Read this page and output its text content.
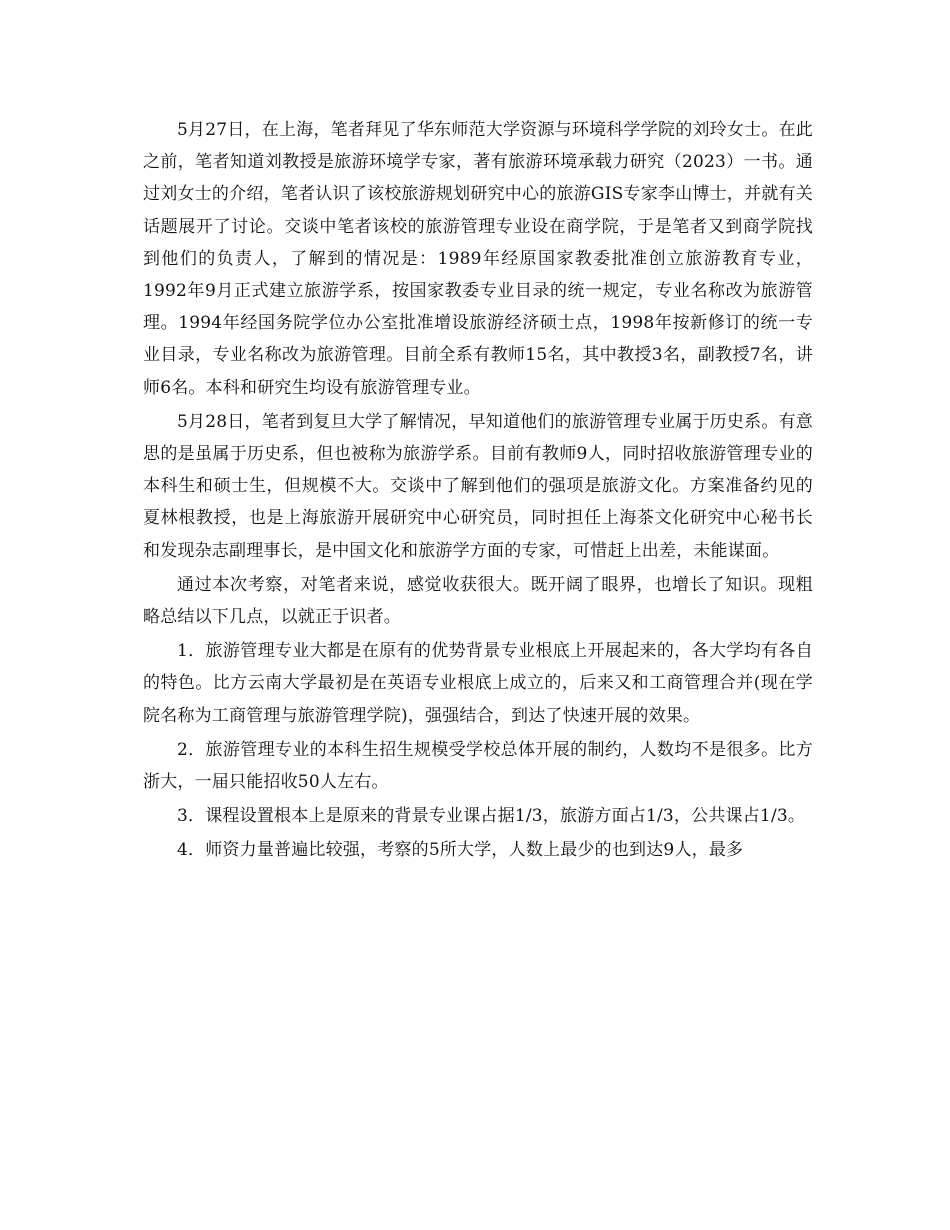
5月27日，在上海，笔者拜见了华东师范大学资源与环境科学学院的刘玲女士。在此之前，笔者知道刘教授是旅游环境学专家，著有旅游环境承载力研究（2023）一书。通过刘女士的介绍，笔者认识了该校旅游规划研究中心的旅游GIS专家李山博士，并就有关话题展开了讨论。交谈中笔者该校的旅游管理专业设在商学院，于是笔者又到商学院找到他们的负责人，了解到的情况是：1989年经原国家教委批准创立旅游教育专业，1992年9月正式建立旅游学系，按国家教委专业目录的统一规定，专业名称改为旅游管理。1994年经国务院学位办公室批准增设旅游经济硕士点，1998年按新修订的统一专业目录，专业名称改为旅游管理。目前全系有教师15名，其中教授3名，副教授7名，讲师6名。本科和研究生均设有旅游管理专业。

5月28日，笔者到复旦大学了解情况，早知道他们的旅游管理专业属于历史系。有意思的是虽属于历史系，但也被称为旅游学系。目前有教师9人，同时招收旅游管理专业的本科生和硕士生，但规模不大。交谈中了解到他们的强项是旅游文化。方案准备约见的夏林根教授，也是上海旅游开展研究中心研究员，同时担任上海茶文化研究中心秘书长和发现杂志副理事长，是中国文化和旅游学方面的专家，可惜赶上出差，未能谋面。

通过本次考察，对笔者来说，感觉收获很大。既开阔了眼界，也增长了知识。现粗略总结以下几点，以就正于识者。

1．旅游管理专业大都是在原有的优势背景专业根底上开展起来的，各大学均有各自的特色。比方云南大学最初是在英语专业根底上成立的，后来又和工商管理合并(现在学院名称为工商管理与旅游管理学院)，强强结合，到达了快速开展的效果。

2．旅游管理专业的本科生招生规模受学校总体开展的制约，人数均不是很多。比方浙大，一届只能招收50人左右。

3．课程设置根本上是原来的背景专业课占据1/3，旅游方面占1/3，公共课占1/3。

4．师资力量普遍比较强，考察的5所大学，人数上最少的也到达9人，最多
